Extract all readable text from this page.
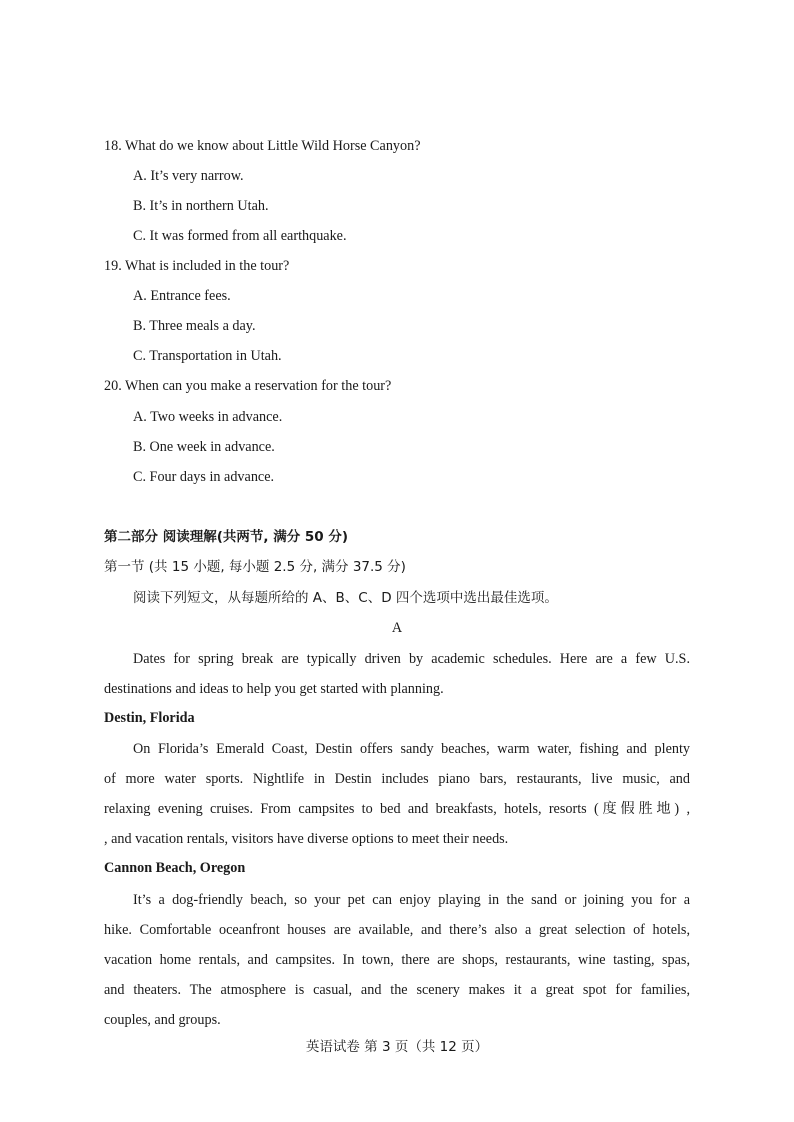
18. What do we know about Little Wild Horse Canyon?
A. It’s very narrow.
B. It’s in northern Utah.
C. It was formed from all earthquake.
19. What is included in the tour?
A. Entrance fees.
B. Three meals a day.
C. Transportation in Utah.
20. When can you make a reservation for the tour?
A. Two weeks in advance.
B. One week in advance.
C. Four days in advance.
第二部分 阅读理解(共两节, 满分 50 分)
第一节 (共 15 小题, 每小题 2.5 分, 满分 37.5 分)
阅读下列短文，从每题所给的 A、B、C、D 四个选项中选出最佳选项。
A
Dates for spring break are typically driven by academic schedules. Here are a few U.S.
destinations and ideas to help you get started with planning.
Destin, Florida
On Florida’s Emerald Coast, Destin offers sandy beaches, warm water, fishing and plenty
of more water sports. Nightlife in Destin includes piano bars, restaurants, live music, and
relaxing evening cruises. From campsites to bed and breakfasts, hotels, resorts (度假胜地) ,
, and vacation rentals, visitors have diverse options to meet their needs.
Cannon Beach, Oregon
It’s a dog-friendly beach, so your pet can enjoy playing in the sand or joining you for a
hike. Comfortable oceanfront houses are available, and there’s also a great selection of hotels,
vacation home rentals, and campsites. In town, there are shops, restaurants, wine tasting, spas,
and theaters. The atmosphere is casual, and the scenery makes it a great spot for families,
couples, and groups.
英语试卷 第 3 页（共 12 页）
